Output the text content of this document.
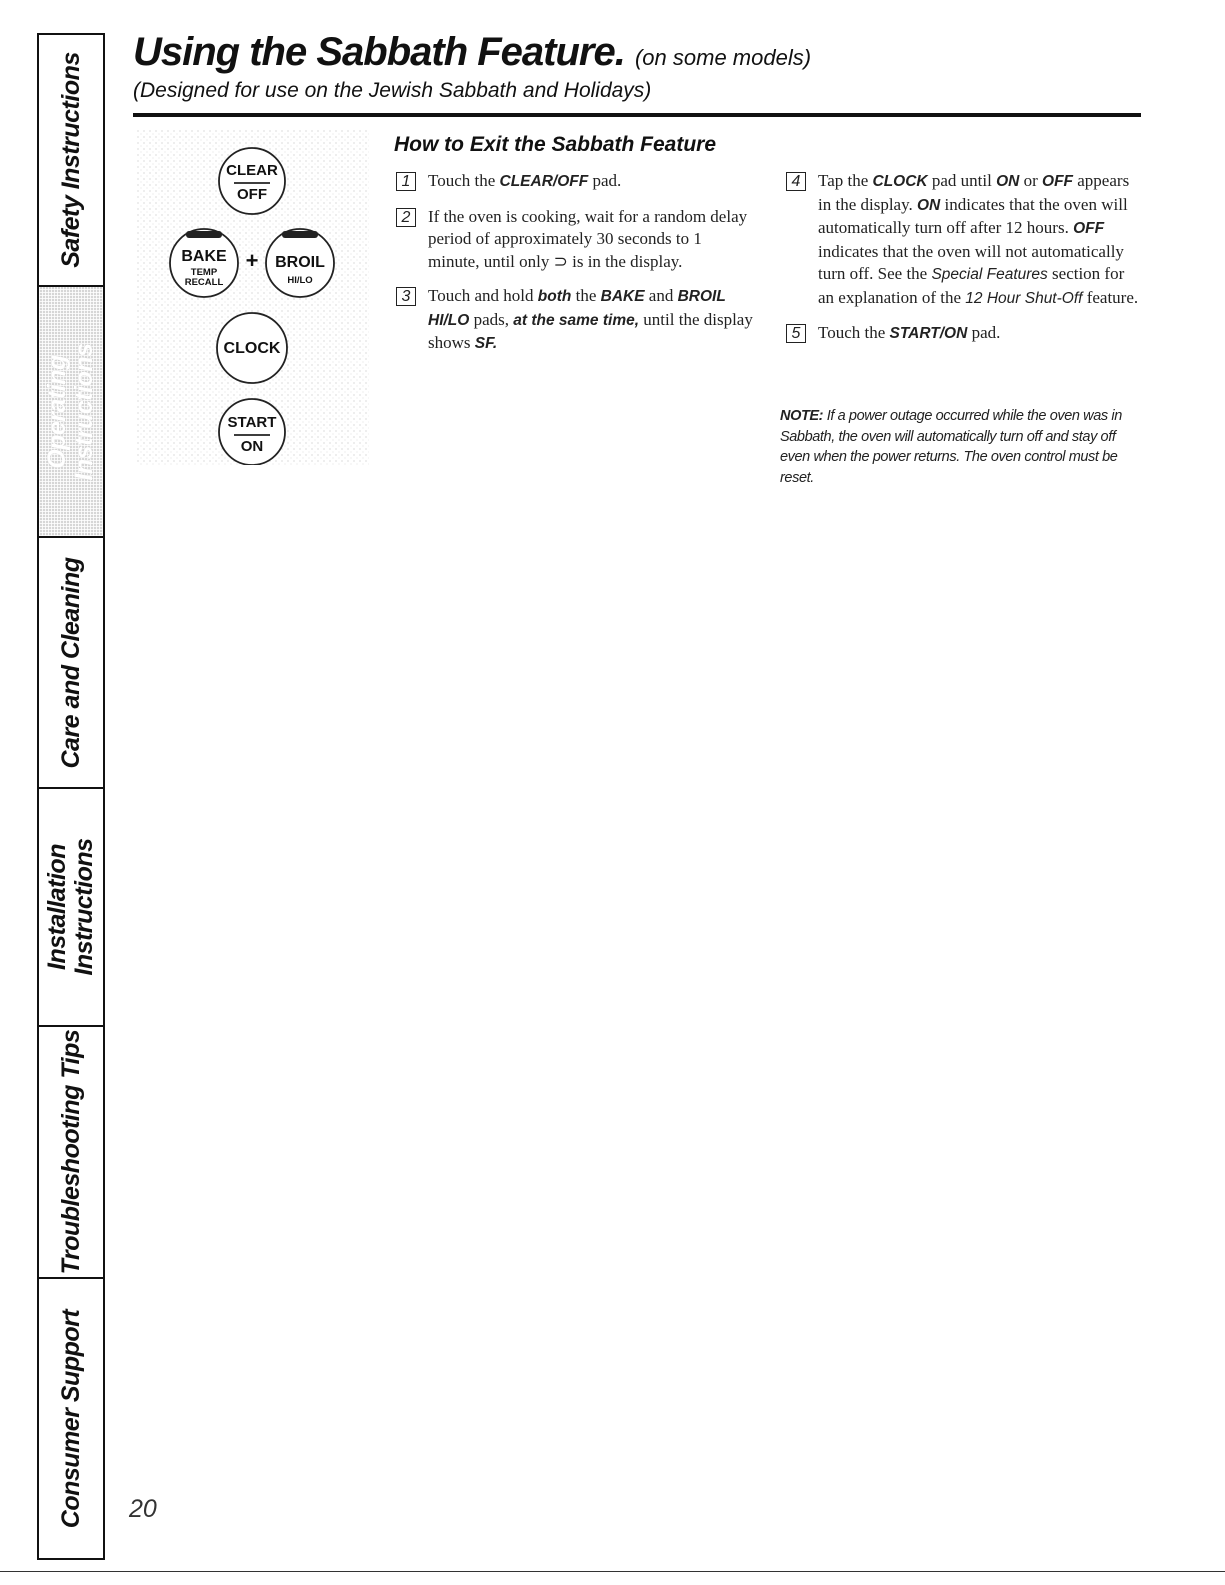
Safety Instructions
Operating Instructions
Care and Cleaning
Installation Instructions
Troubleshooting Tips
Consumer Support
Using the Sabbath Feature. (on some models)
(Designed for use on the Jewish Sabbath and Holidays)
CLEAR
OFF
BAKE
TEMP
RECALL
+	BROIL
HI/LO
CLOCK
START
ON
How to Exit the Sabbath Feature
1	Touch the CLEAR/OFF pad.
2	If the oven is cooking, wait for a random delay period of approximately 30 seconds to 1 minute, until only ⊃ is in the display.
3	Touch and hold both the BAKE and BROIL HI/LO pads, at the same time, until the display shows SF.
4	Tap the CLOCK pad until ON or OFF appears in the display. ON indicates that the oven will automatically turn off after 12 hours. OFF indicates that the oven will not automatically turn off. See the Special Features section for an explanation of the 12 Hour Shut-Off feature.
5	Touch the START/ON pad.
NOTE: If a power outage occurred while the oven was in Sabbath, the oven will automatically turn off and stay off even when the power returns. The oven control must be reset.
20
